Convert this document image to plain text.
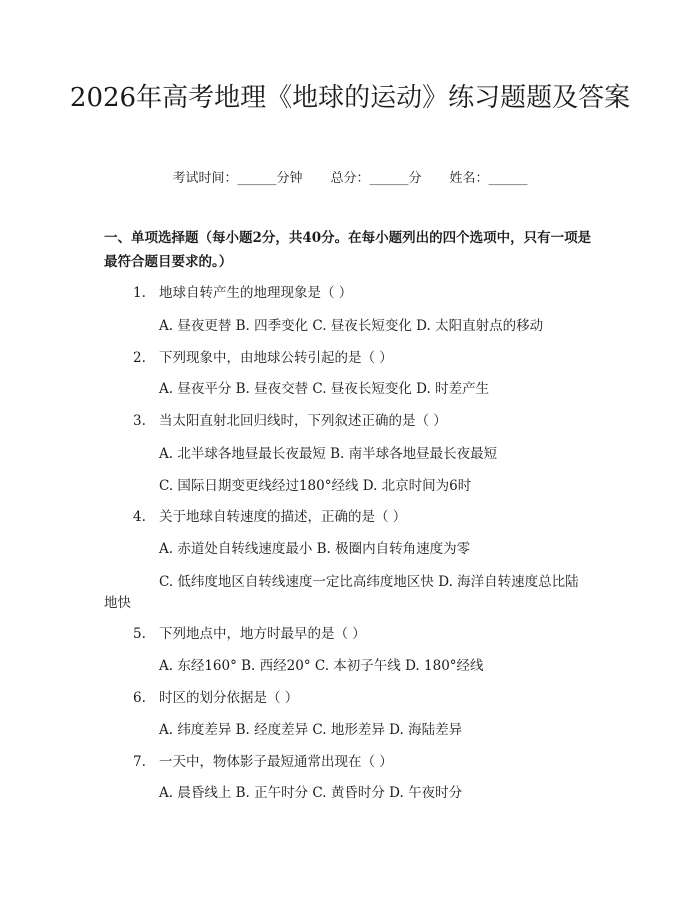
2026年高考地理《地球的运动》练习题题及答案
考试时间：______分钟 总分：______分 姓名：______
一、单项选择题（每小题2分，共40分。在每小题列出的四个选项中，只有一项是最符合题目要求的。）
1. 地球自转产生的地理现象是（ ）
A. 昼夜更替 B. 四季变化 C. 昼夜长短变化 D. 太阳直射点的移动
2. 下列现象中，由地球公转引起的是（ ）
A. 昼夜平分 B. 昼夜交替 C. 昼夜长短变化 D. 时差产生
3. 当太阳直射北回归线时，下列叙述正确的是（ ）
A. 北半球各地昼最长夜最短 B. 南半球各地昼最长夜最短
C. 国际日期变更线经过180°经线 D. 北京时间为6时
4. 关于地球自转速度的描述，正确的是（ ）
A. 赤道处自转线速度最小 B. 极圈内自转角速度为零
C. 低纬度地区自转线速度一定比高纬度地区快 D. 海洋自转速度总比陆
地快
5. 下列地点中，地方时最早的是（ ）
A. 东经160° B. 西经20° C. 本初子午线 D. 180°经线
6. 时区的划分依据是（ ）
A. 纬度差异 B. 经度差异 C. 地形差异 D. 海陆差异
7. 一天中，物体影子最短通常出现在（ ）
A. 晨昏线上 B. 正午时分 C. 黄昏时分 D. 午夜时分
